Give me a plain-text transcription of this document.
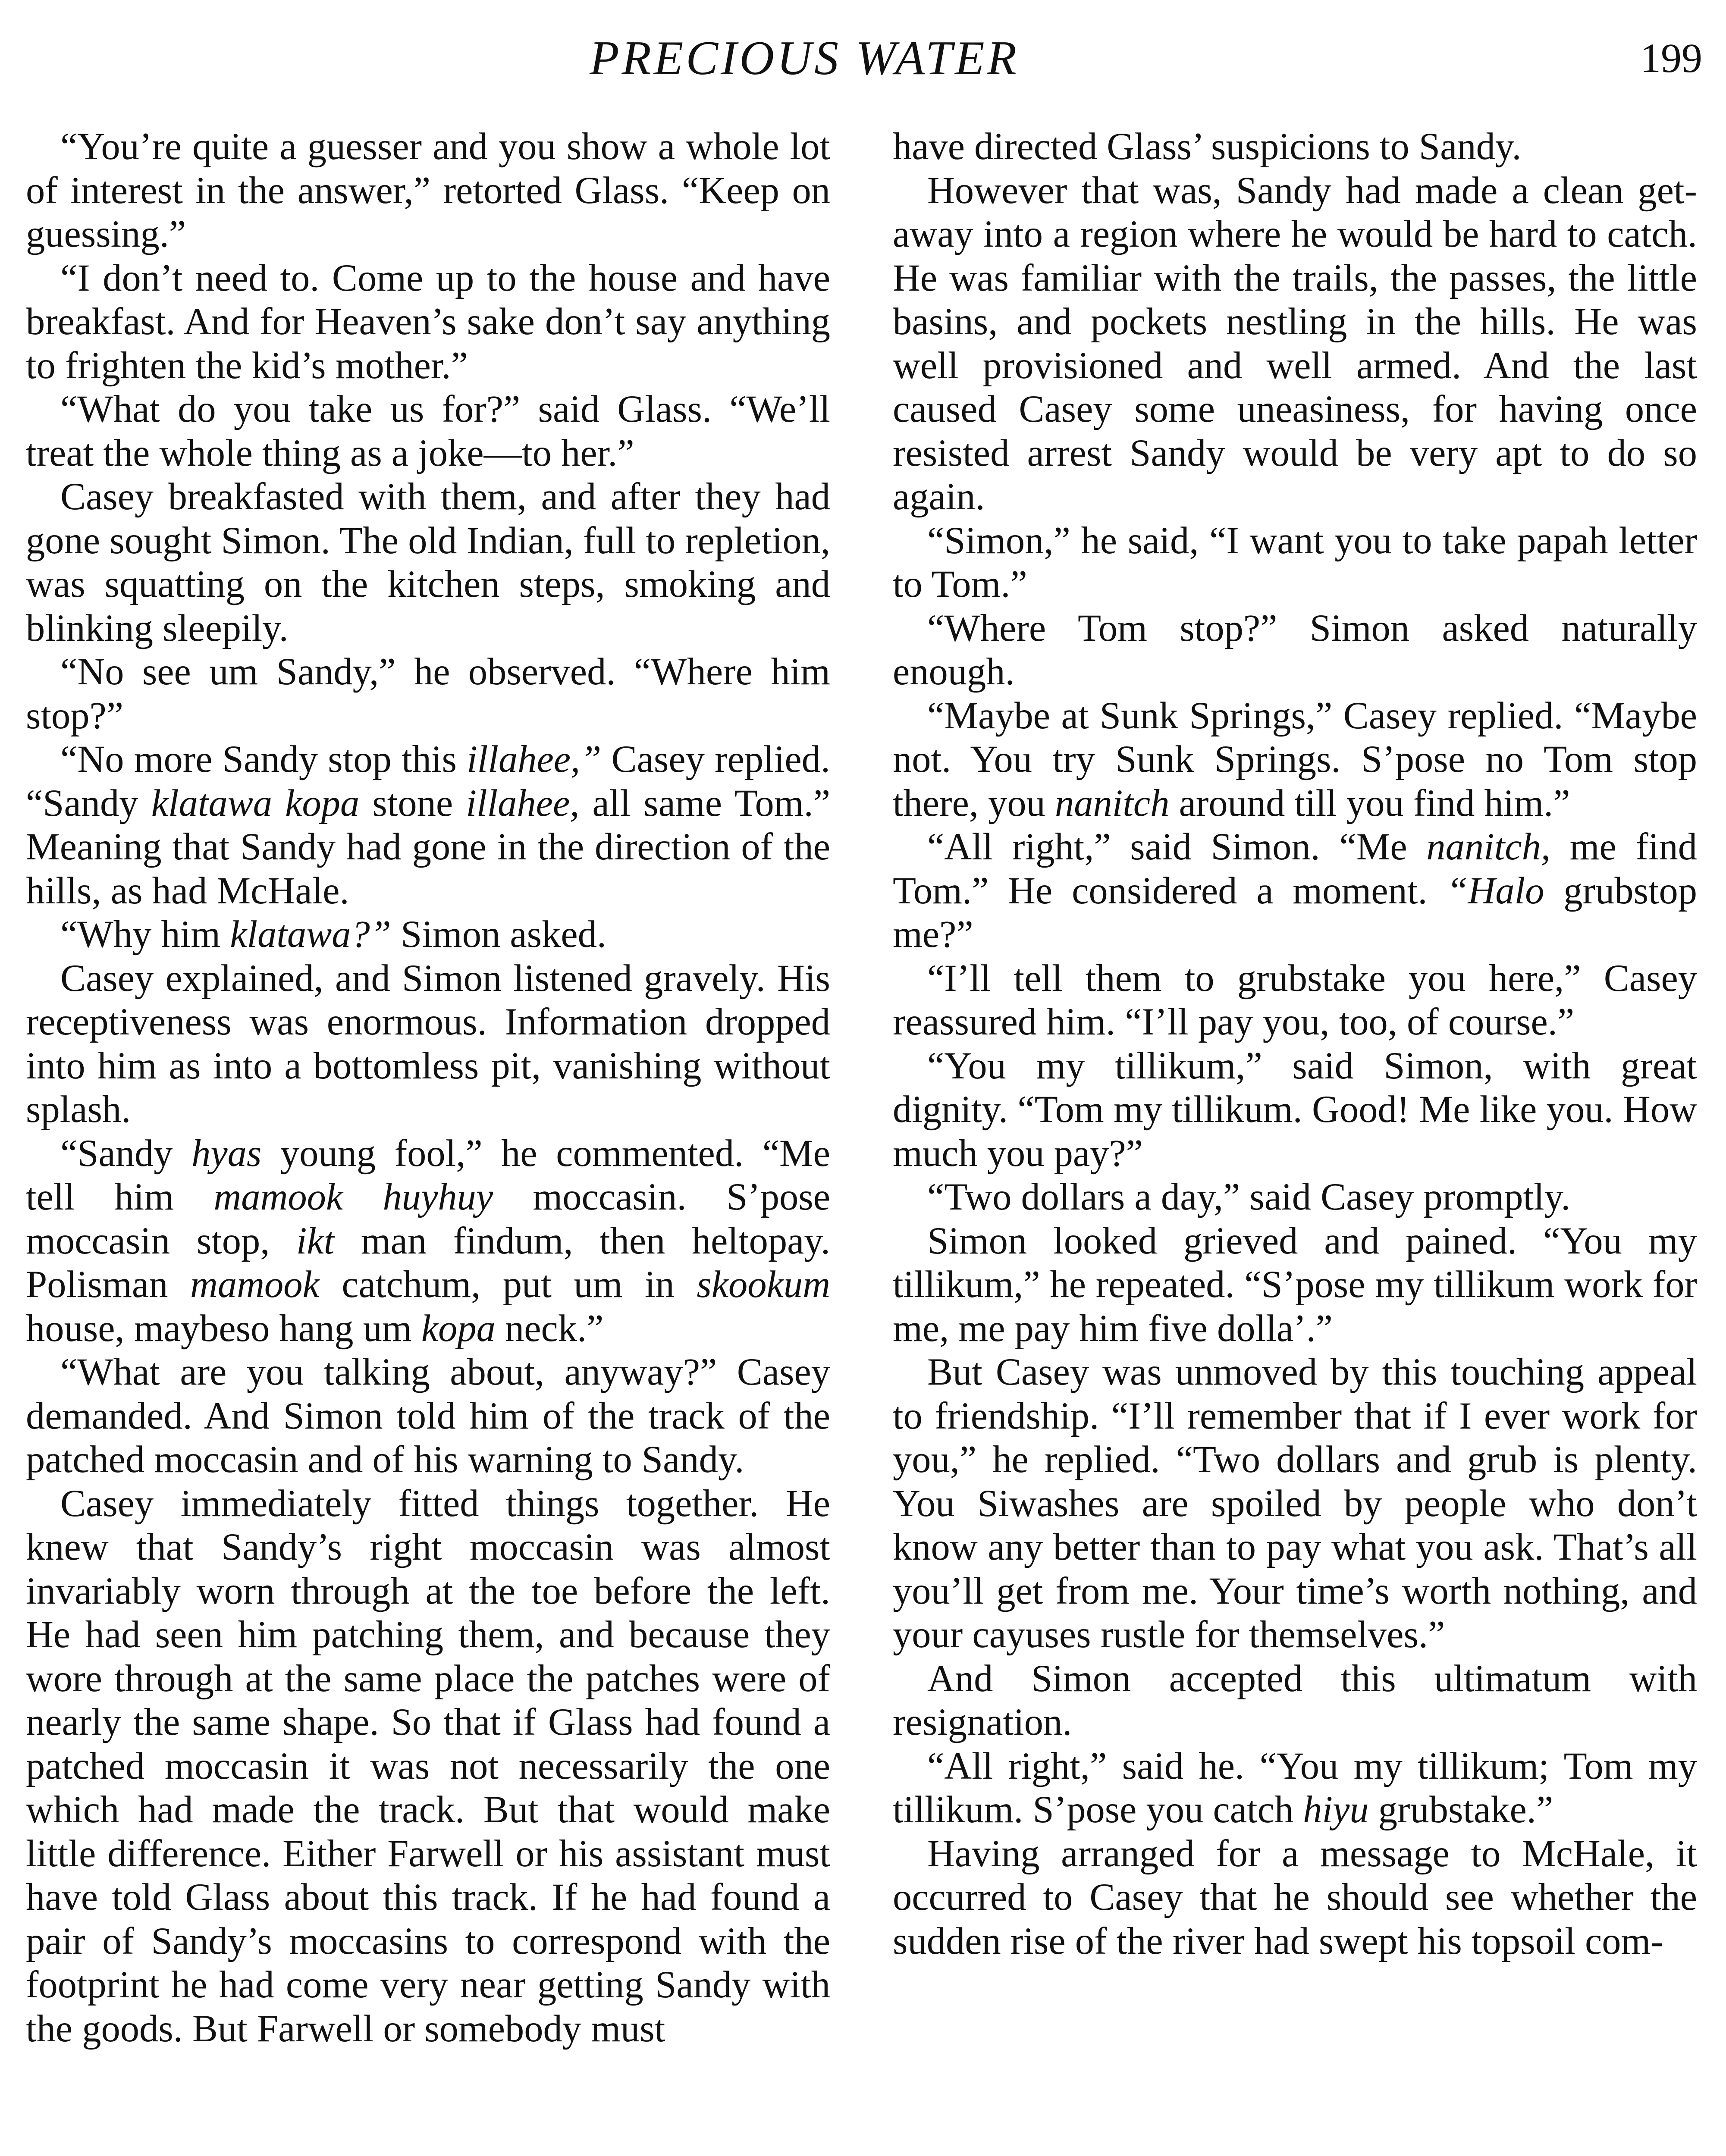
PRECIOUS WATER	199

“You’re quite a guesser and you show a whole lot of interest in the answer,” retorted Glass. “Keep on guessing.”

“I don’t need to. Come up to the house and have breakfast. And for Heaven’s sake don’t say anything to frighten the kid’s mother.”

“What do you take us for?” said Glass. “We’ll treat the whole thing as a joke—to her.”

Casey breakfasted with them, and after they had gone sought Simon. The old Indian, full to repletion, was squatting on the kitchen steps, smoking and blinking sleepily.

“No see um Sandy,” he observed. “Where him stop?”

“No more Sandy stop this illahee,” Casey replied. “Sandy klatawa kopa stone illahee, all same Tom.” Meaning that Sandy had gone in the direction of the hills, as had McHale.

“Why him klatawa?” Simon asked.

Casey explained, and Simon listened gravely. His receptiveness was enormous. Information dropped into him as into a bottomless pit, vanishing without splash.

“Sandy hyas young fool,” he commented. “Me tell him mamook huyhuy moccasin. S’pose moccasin stop, ikt man findum, then heltopay. Polisman mamook catchum, put um in skookum house, maybeso hang um kopa neck.”

“What are you talking about, anyway?” Casey demanded. And Simon told him of the track of the patched moccasin and of his warning to Sandy.

Casey immediately fitted things together. He knew that Sandy’s right moccasin was almost invariably worn through at the toe before the left. He had seen him patching them, and because they wore through at the same place the patches were of nearly the same shape. So that if Glass had found a patched moccasin it was not necessarily the one which had made the track. But that would make little difference. Either Farwell or his assistant must have told Glass about this track. If he had found a pair of Sandy’s moccasins to correspond with the footprint he had come very near getting Sandy with the goods. But Farwell or somebody must

have directed Glass’ suspicions to Sandy.

However that was, Sandy had made a clean get-away into a region where he would be hard to catch. He was familiar with the trails, the passes, the little basins, and pockets nestling in the hills. He was well provisioned and well armed. And the last caused Casey some uneasiness, for having once resisted arrest Sandy would be very apt to do so again.

“Simon,” he said, “I want you to take papah letter to Tom.”

“Where Tom stop?” Simon asked naturally enough.

“Maybe at Sunk Springs,” Casey replied. “Maybe not. You try Sunk Springs. S’pose no Tom stop there, you nanitch around till you find him.”

“All right,” said Simon. “Me nanitch, me find Tom.” He considered a moment. “Halo grubstop me?”

“I’ll tell them to grubstake you here,” Casey reassured him. “I’ll pay you, too, of course.”

“You my tillikum,” said Simon, with great dignity. “Tom my tillikum. Good! Me like you. How much you pay?”

“Two dollars a day,” said Casey promptly.

Simon looked grieved and pained. “You my tillikum,” he repeated. “S’pose my tillikum work for me, me pay him five dolla’.”

But Casey was unmoved by this touching appeal to friendship. “I’ll remember that if I ever work for you,” he replied. “Two dollars and grub is plenty. You Siwashes are spoiled by people who don’t know any better than to pay what you ask. That’s all you’ll get from me. Your time’s worth nothing, and your cayuses rustle for themselves.”

And Simon accepted this ultimatum with resignation.

“All right,” said he. “You my tillikum; Tom my tillikum. S’pose you catch hiyu grubstake.”

Having arranged for a message to McHale, it occurred to Casey that he should see whether the sudden rise of the river had swept his topsoil com-
